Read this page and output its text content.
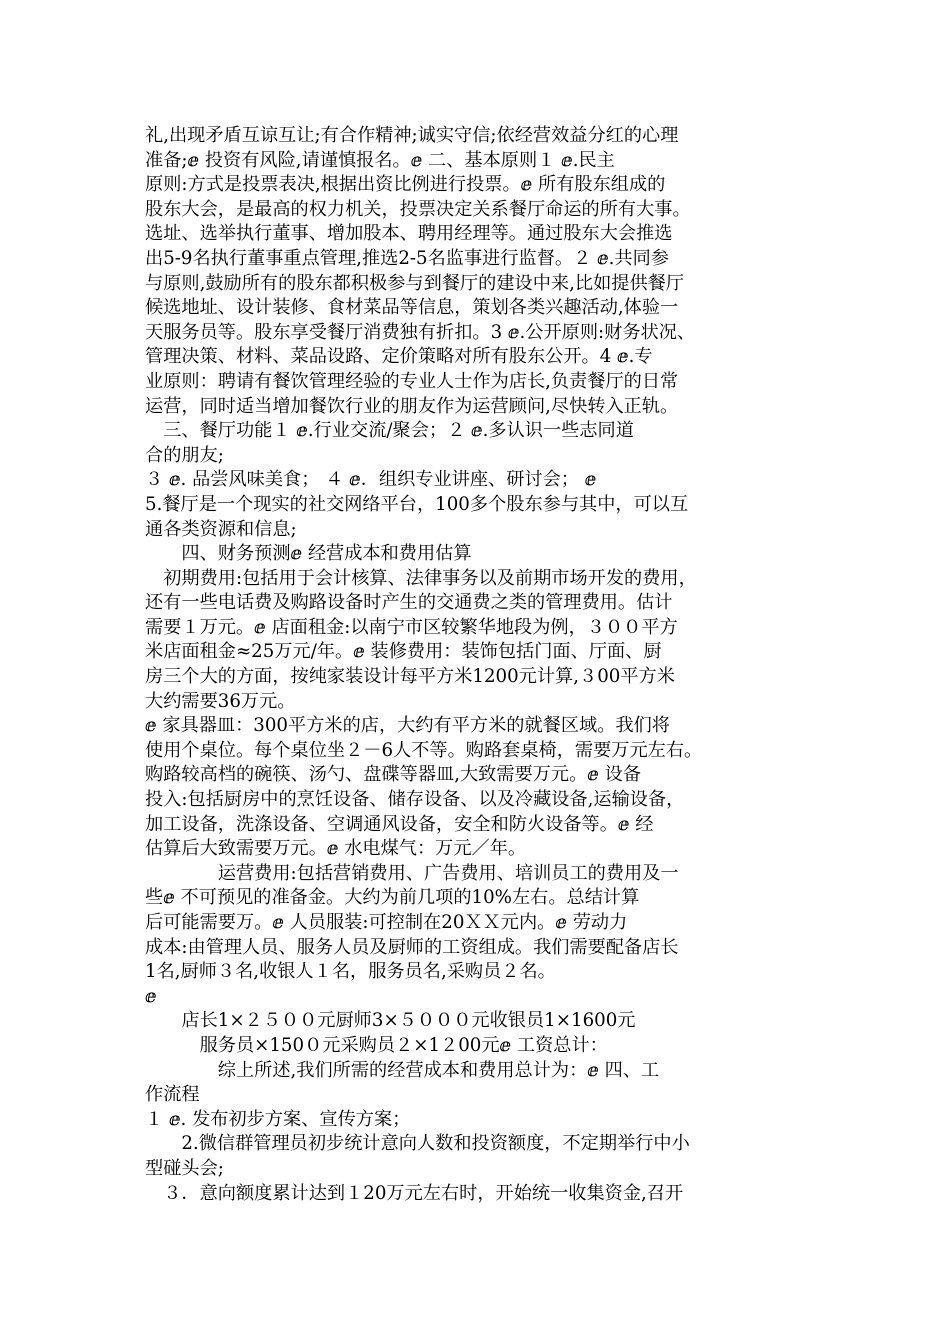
礼,出现矛盾互谅互让;有合作精神;诚实守信;依经营效益分红的心理
准备;ⅇ 投资有风险,请谨慎报名。ⅇ 二、基本原则１ ⅇ.民主
原则:方式是投票表决,根据出资比例进行投票。ⅇ 所有股东组成的
股东大会，是最高的权力机关，投票决定关系餐厅命运的所有大事。
选址、选举执行董事、增加股本、聘用经理等。通过股东大会推选
出5-9名执行董事重点管理,推选2-5名监事进行监督。２ ⅇ.共同参
与原则,鼓励所有的股东都积极参与到餐厅的建设中来,比如提供餐厅
候选地址、设计装修、食材菜品等信息，策划各类兴趣活动,体验一
天服务员等。股东享受餐厅消费独有折扣。3 ⅇ.公开原则:财务状况、
管理决策、材料、菜品设路、定价策略对所有股东公开。4 ⅇ.专
业原则：聘请有餐饮管理经验的专业人士作为店长,负责餐厅的日常
运营，同时适当增加餐饮行业的朋友作为运营顾问,尽快转入正轨。
　三、餐厅功能１ ⅇ.行业交流/聚会；２ ⅇ.多认识一些志同道
合的朋友;
３ ⅇ. 品尝风味美食； ４ ⅇ．组织专业讲座、研讨会； ⅇ
5.餐厅是一个现实的社交网络平台，100多个股东参与其中，可以互
通各类资源和信息;
　　四、财务预测ⅇ 经营成本和费用估算
　初期费用:包括用于会计核算、法律事务以及前期市场开发的费用，
还有一些电话费及购路设备时产生的交通费之类的管理费用。估计
需要１万元。ⅇ 店面租金:以南宁市区较繁华地段为例，３００平方
米店面租金≈25万元/年。ⅇ 装修费用：装饰包括门面、厅面、厨
房三个大的方面，按纯家装设计每平方米1200元计算,３00平方米
大约需要36万元。
ⅇ 家具器皿：300平方米的店，大约有平方米的就餐区域。我们将
使用个桌位。每个桌位坐２－6人不等。购路套桌椅，需要万元左右。
购路较高档的碗筷、汤勺、盘碟等器皿,大致需要万元。ⅇ 设备
投入:包括厨房中的烹饪设备、储存设备、以及冷藏设备,运输设备，
加工设备，洗涤设备、空调通风设备，安全和防火设备等。ⅇ 经
估算后大致需要万元。ⅇ 水电煤气：万元／年。
　　　　运营费用:包括营销费用、广告费用、培训员工的费用及一
些ⅇ 不可预见的准备金。大约为前几项的10%左右。总结计算
后可能需要万。ⅇ 人员服装:可控制在20ＸＸ元内。ⅇ 劳动力
成本:由管理人员、服务人员及厨师的工资组成。我们需要配备店长
1名,厨师３名,收银人１名，服务员名,采购员２名。
ⅇ
　　店长1×２５００元厨师3×５０００元收银员1×1600元
　　　服务员×150０元采购员２×1２00元ⅇ 工资总计：
　　　　综上所述,我们所需的经营成本和费用总计为：ⅇ 四、工
作流程
１ ⅇ. 发布初步方案、宣传方案；
　　2.微信群管理员初步统计意向人数和投资额度，不定期举行中小
型碰头会;
　３．意向额度累计达到１20万元左右时，开始统一收集资金,召开
